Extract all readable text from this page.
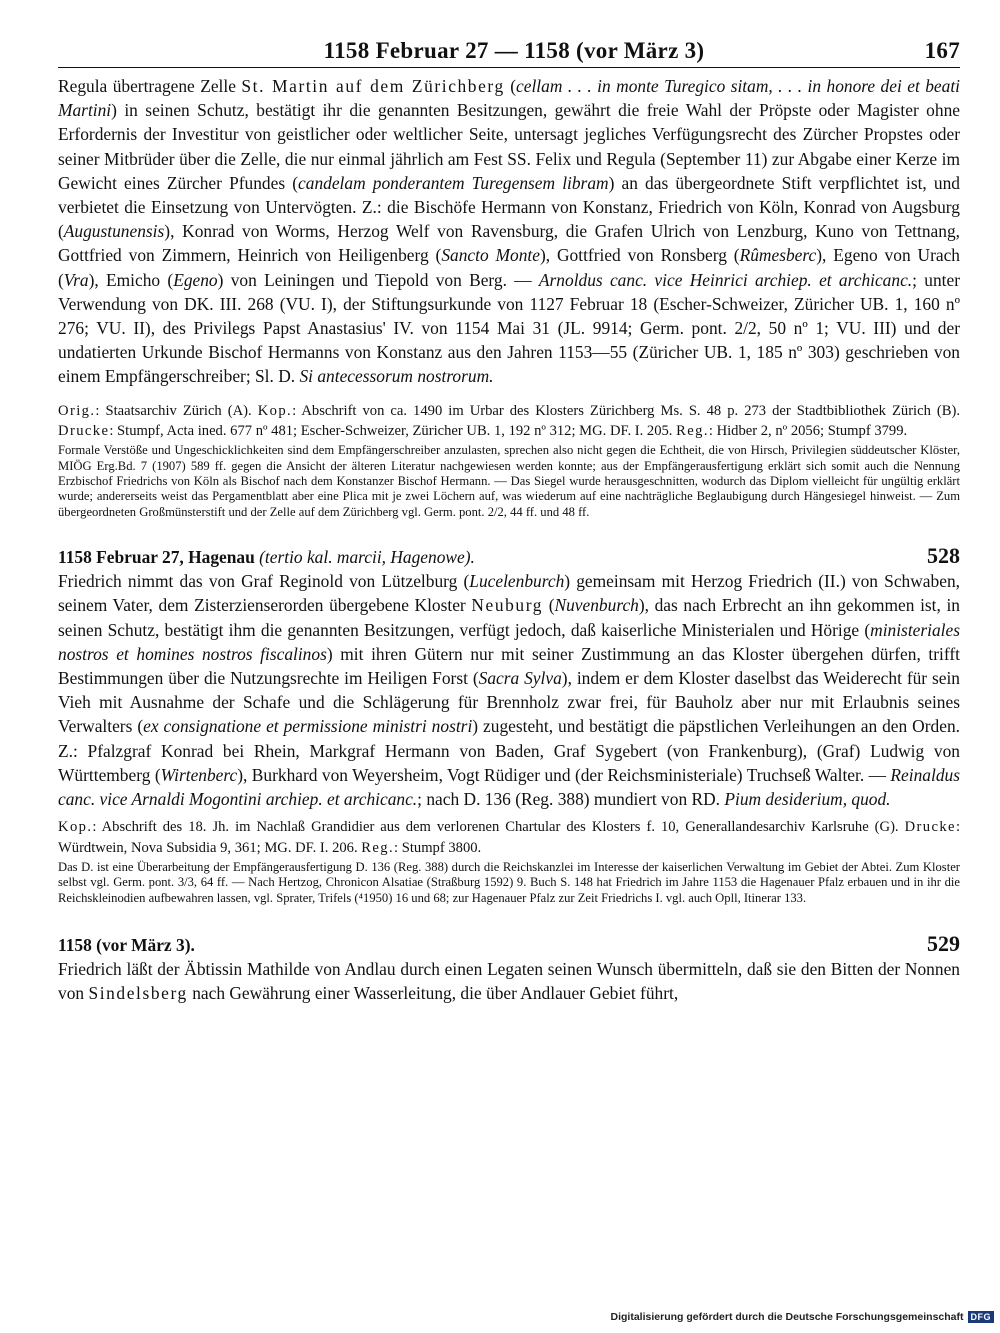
1158 Februar 27 — 1158 (vor März 3)	167

Regula übertragene Zelle St. Martin auf dem Zürichberg (cellam . . . in monte Turegico sitam, . . . in honore dei et beati Martini) in seinen Schutz, bestätigt ihr die genannten Besitzungen, gewährt die freie Wahl der Pröpste oder Magister ohne Erfordernis der Investitur von geistlicher oder weltlicher Seite, untersagt jegliches Verfügungsrecht des Zürcher Propstes oder seiner Mitbrüder über die Zelle, die nur einmal jährlich am Fest SS. Felix und Regula (September 11) zur Abgabe einer Kerze im Gewicht eines Zürcher Pfundes (candelam ponderantem Turegensem libram) an das übergeordnete Stift verpflichtet ist, und verbietet die Einsetzung von Untervögten. Z.: die Bischöfe Hermann von Konstanz, Friedrich von Köln, Konrad von Augsburg (Augustunensis), Konrad von Worms, Herzog Welf von Ravensburg, die Grafen Ulrich von Lenzburg, Kuno von Tettnang, Gottfried von Zimmern, Heinrich von Heiligenberg (Sancto Monte), Gottfried von Ronsberg (Rûmesberc), Egeno von Urach (Vra), Emicho (Egeno) von Leiningen und Tiepold von Berg. — Arnoldus canc. vice Heinrici archiep. et archicanc.; unter Verwendung von DK. III. 268 (VU. I), der Stiftungsurkunde von 1127 Februar 18 (Escher-Schweizer, Züricher UB. 1, 160 nº 276; VU. II), des Privilegs Papst Anastasius' IV. von 1154 Mai 31 (JL. 9914; Germ. pont. 2/2, 50 nº 1; VU. III) und der undatierten Urkunde Bischof Hermanns von Konstanz aus den Jahren 1153—55 (Züricher UB. 1, 185 nº 303) geschrieben von einem Empfängerschreiber; Sl. D. Si antecessorum nostrorum.

Orig.: Staatsarchiv Zürich (A). Kop.: Abschrift von ca. 1490 im Urbar des Klosters Zürichberg Ms. S. 48 p. 273 der Stadtbibliothek Zürich (B). Drucke: Stumpf, Acta ined. 677 nº 481; Escher-Schweizer, Züricher UB. 1, 192 nº 312; MG. DF. I. 205. Reg.: Hidber 2, nº 2056; Stumpf 3799.

Formale Verstöße und Ungeschicklichkeiten sind dem Empfängerschreiber anzulasten, sprechen also nicht gegen die Echtheit, die von Hirsch, Privilegien süddeutscher Klöster, MIÖG Erg.Bd. 7 (1907) 589 ff. gegen die Ansicht der älteren Literatur nachgewiesen werden konnte; aus der Empfängerausfertigung erklärt sich somit auch die Nennung Erzbischof Friedrichs von Köln als Bischof nach dem Konstanzer Bischof Hermann. — Das Siegel wurde herausgeschnitten, wodurch das Diplom vielleicht für ungültig erklärt wurde; andererseits weist das Pergamentblatt aber eine Plica mit je zwei Löchern auf, was wiederum auf eine nachträgliche Beglaubigung durch Hängesiegel hinweist. — Zum übergeordneten Großmünsterstift und der Zelle auf dem Zürichberg vgl. Germ. pont. 2/2, 44 ff. und 48 ff.

1158 Februar 27, Hagenau (tertio kal. marcii, Hagenowe).	528

Friedrich nimmt das von Graf Reginold von Lützelburg (Lucelenburch) gemeinsam mit Herzog Friedrich (II.) von Schwaben, seinem Vater, dem Zisterzienserorden übergebene Kloster Neuburg (Nuvenburch), das nach Erbrecht an ihn gekommen ist, in seinen Schutz, bestätigt ihm die genannten Besitzungen, verfügt jedoch, daß kaiserliche Ministerialen und Hörige (ministeriales nostros et homines nostros fiscalinos) mit ihren Gütern nur mit seiner Zustimmung an das Kloster übergehen dürfen, trifft Bestimmungen über die Nutzungsrechte im Heiligen Forst (Sacra Sylva), indem er dem Kloster daselbst das Weiderecht für sein Vieh mit Ausnahme der Schafe und die Schlägerung für Brennholz zwar frei, für Bauholz aber nur mit Erlaubnis seines Verwalters (ex consignatione et permissione ministri nostri) zugesteht, und bestätigt die päpstlichen Verleihungen an den Orden. Z.: Pfalzgraf Konrad bei Rhein, Markgraf Hermann von Baden, Graf Sygebert (von Frankenburg), (Graf) Ludwig von Württemberg (Wirtenberc), Burkhard von Weyersheim, Vogt Rüdiger und (der Reichsministeriale) Truchseß Walter. — Reinaldus canc. vice Arnaldi Mogontini archiep. et archicanc.; nach D. 136 (Reg. 388) mundiert von RD. Pium desiderium, quod.

Kop.: Abschrift des 18. Jh. im Nachlaß Grandidier aus dem verlorenen Chartular des Klosters f. 10, Generallandesarchiv Karlsruhe (G). Drucke: Würdtwein, Nova Subsidia 9, 361; MG. DF. I. 206. Reg.: Stumpf 3800.

Das D. ist eine Überarbeitung der Empfängerausfertigung D. 136 (Reg. 388) durch die Reichskanzlei im Interesse der kaiserlichen Verwaltung im Gebiet der Abtei. Zum Kloster selbst vgl. Germ. pont. 3/3, 64 ff. — Nach Hertzog, Chronicon Alsatiae (Straßburg 1592) 9. Buch S. 148 hat Friedrich im Jahre 1153 die Hagenauer Pfalz erbauen und in ihr die Reichskleinodien aufbewahren lassen, vgl. Sprater, Trifels (⁴1950) 16 und 68; zur Hagenauer Pfalz zur Zeit Friedrichs I. vgl. auch Opll, Itinerar 133.

1158 (vor März 3).	529

Friedrich läßt der Äbtissin Mathilde von Andlau durch einen Legaten seinen Wunsch übermitteln, daß sie den Bitten der Nonnen von Sindelsberg nach Gewährung einer Wasserleitung, die über Andlauer Gebiet führt,

Digitalisierung gefördert durch die Deutsche Forschungsgemeinschaft DFG
